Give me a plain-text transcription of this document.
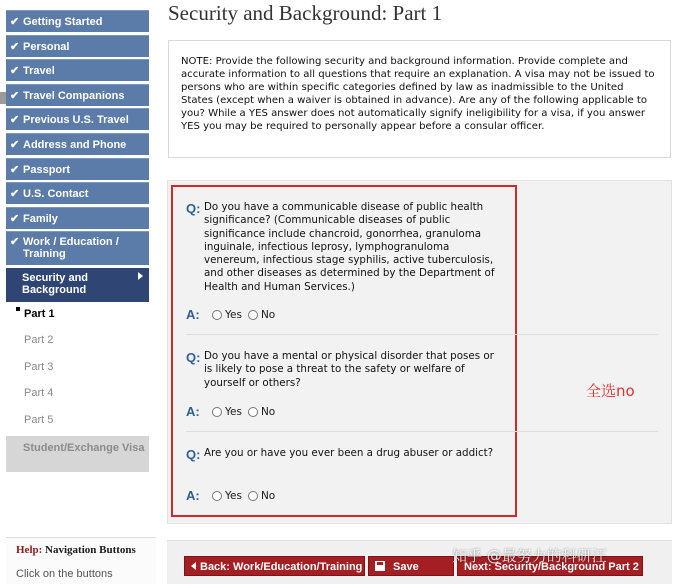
✔ Getting Started
✔ Personal
✔ Travel
✔ Travel Companions
✔ Previous U.S. Travel
✔ Address and Phone
✔ Passport
✔ U.S. Contact
✔ Family
✔ Work / Education / Training
Security and Background
Part 1
Part 2
Part 3
Part 4
Part 5
Student/Exchange Visa
Help: Navigation Buttons
Click on the buttons
Security and Background: Part 1
NOTE: Provide the following security and background information. Provide complete and accurate information to all questions that require an explanation. A visa may not be issued to persons who are within specific categories defined by law as inadmissible to the United States (except when a waiver is obtained in advance). Are any of the following applicable to you? While a YES answer does not automatically signify ineligibility for a visa, if you answer YES you may be required to personally appear before a consular officer.
Q: Do you have a communicable disease of public health significance? (Communicable diseases of public significance include chancroid, gonorrhea, granuloma inguinale, infectious leprosy, lymphogranuloma venereum, infectious stage syphilis, active tuberculosis, and other diseases as determined by the Department of Health and Human Services.)
A:	Yes No
Q: Do you have a mental or physical disorder that poses or is likely to pose a threat to the safety or welfare of yourself or others?
A:	Yes No
Q: Are you or have you ever been a drug abuser or addict?
A:	Yes No
全选no
Back: Work/Education/Training	Save	Next: Security/Background Part 2
知乎 @最努力的科研汪
